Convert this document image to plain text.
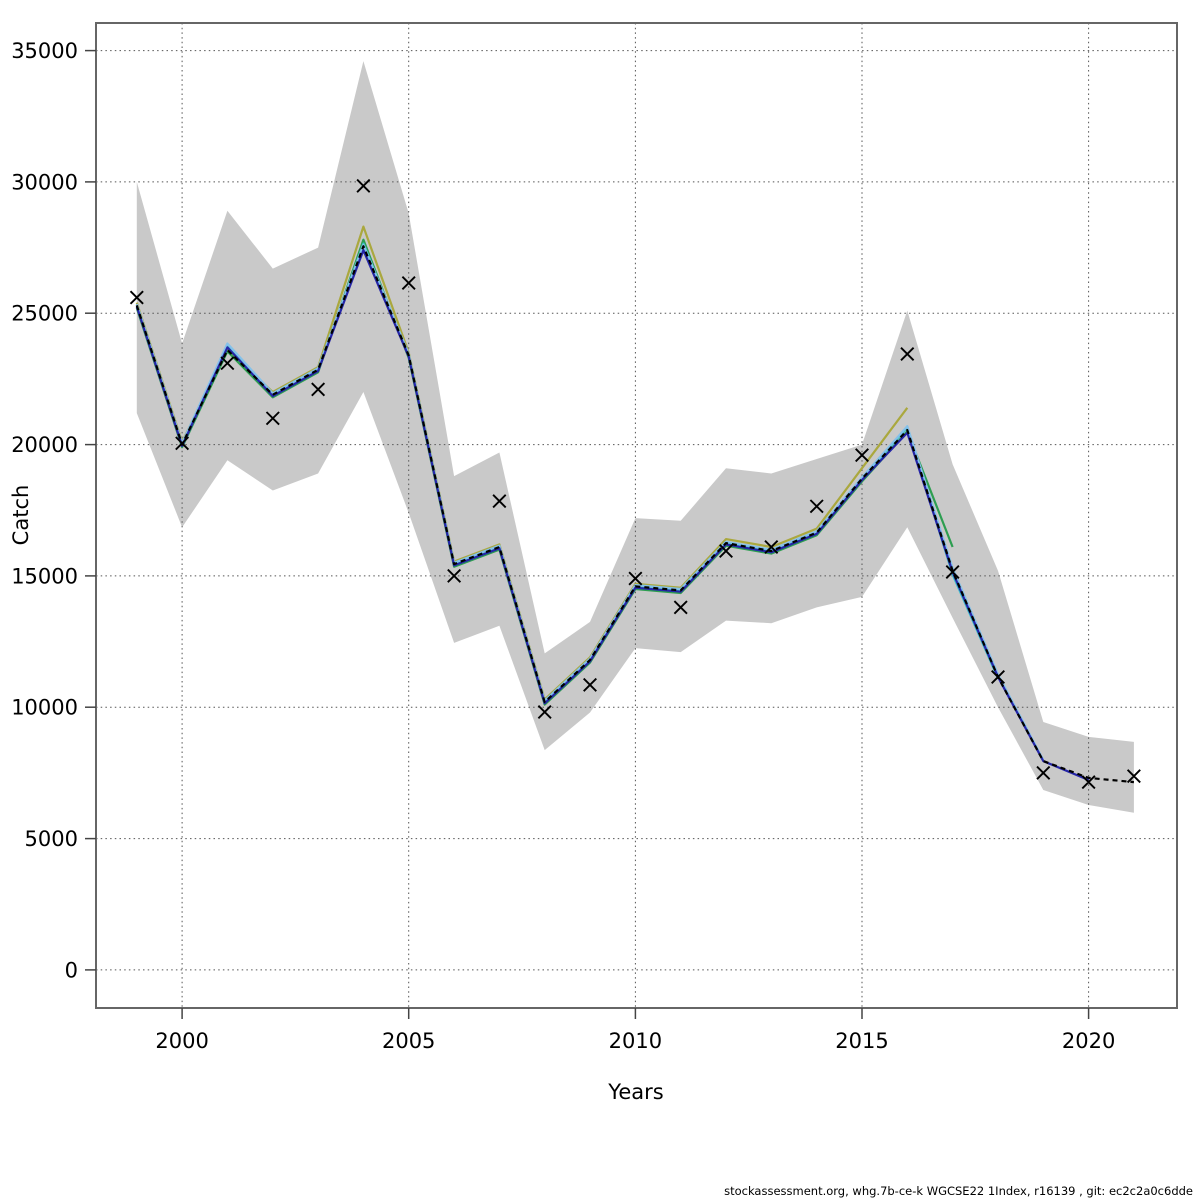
0
5000
10000
15000
20000
25000
30000
35000
2000	2005	2010	2015	2020
Years
Catch
stockassessment.org, whg.7b-ce-k WGCSE22 1Index, r16139 , git: ec2c2a0c6dde
